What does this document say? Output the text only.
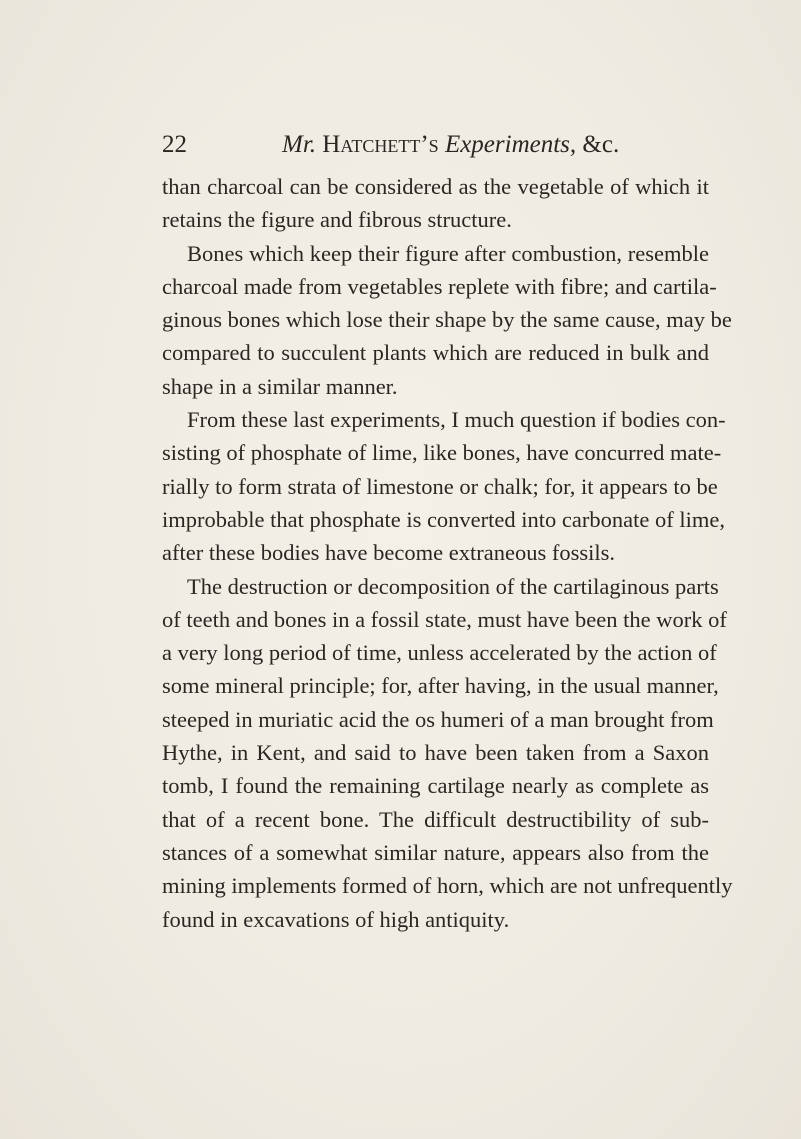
22	Mr. Hatchett’s Experiments, &c.
than charcoal can be considered as the vegetable of which it
retains the figure and fibrous structure.
Bones which keep their figure after combustion, resemble
charcoal made from vegetables replete with fibre; and cartila-
ginous bones which lose their shape by the same cause, may be
compared to succulent plants which are reduced in bulk and
shape in a similar manner.
From these last experiments, I much question if bodies con-
sisting of phosphate of lime, like bones, have concurred mate-
rially to form strata of limestone or chalk; for, it appears to be
improbable that phosphate is converted into carbonate of lime,
after these bodies have become extraneous fossils.
The destruction or decomposition of the cartilaginous parts
of teeth and bones in a fossil state, must have been the work of
a very long period of time, unless accelerated by the action of
some mineral principle; for, after having, in the usual manner,
steeped in muriatic acid the os humeri of a man brought from
Hythe, in Kent, and said to have been taken from a Saxon
tomb, I found the remaining cartilage nearly as complete as
that of a recent bone. The difficult destructibility of sub-
stances of a somewhat similar nature, appears also from the
mining implements formed of horn, which are not unfrequently
found in excavations of high antiquity.
